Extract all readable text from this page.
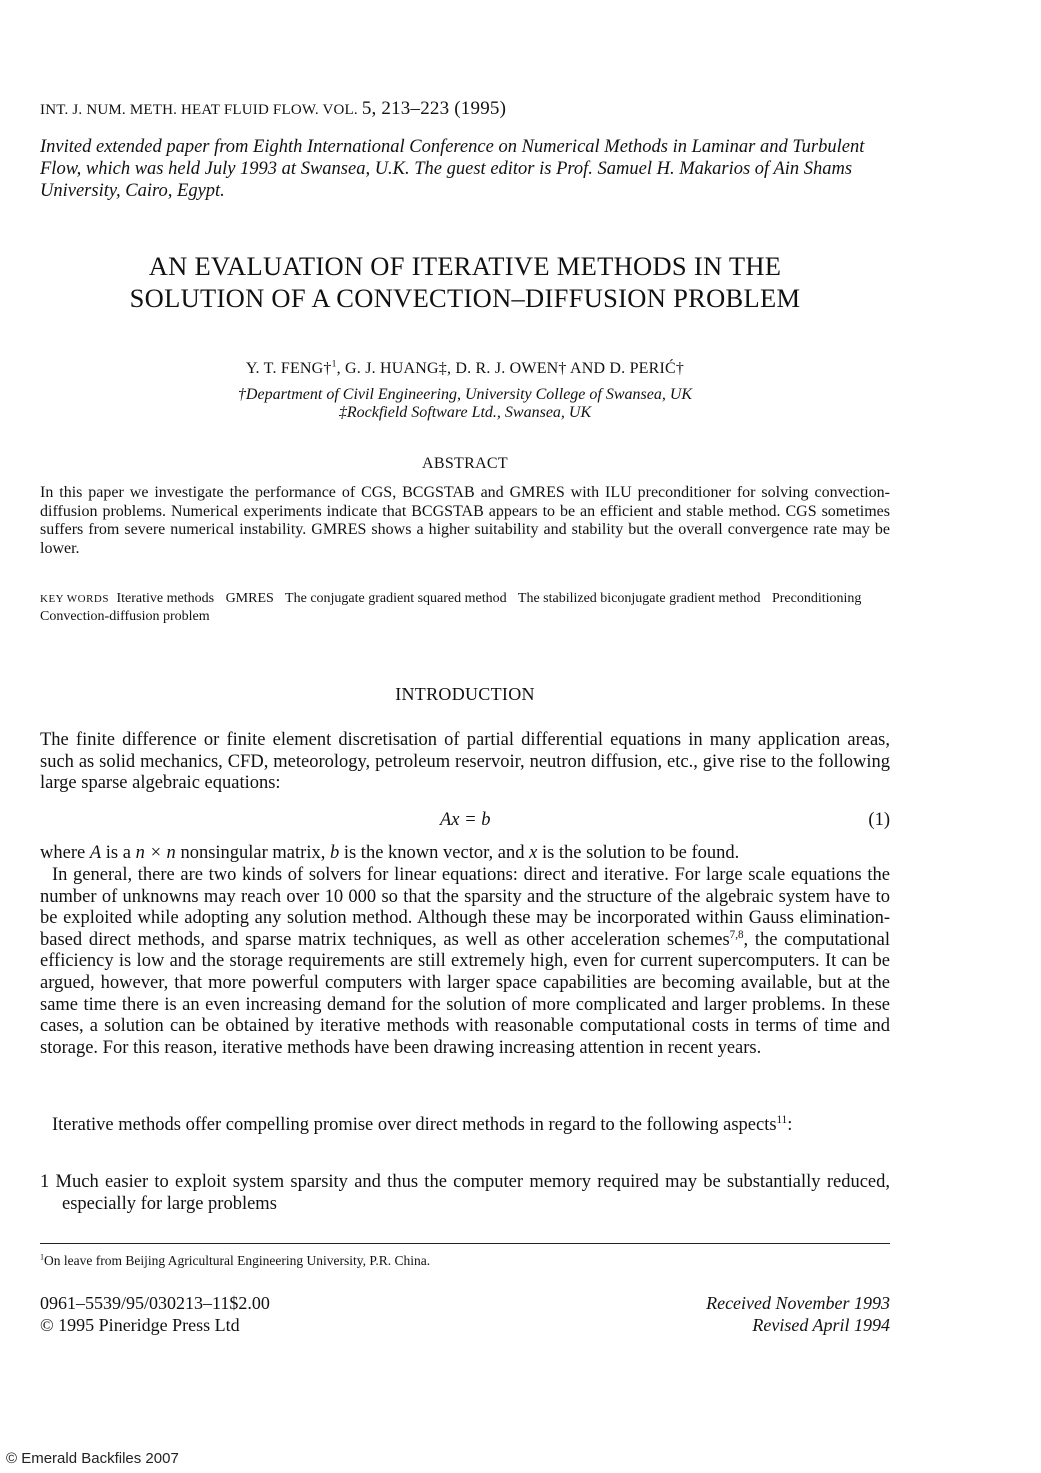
INT. J. NUM. METH. HEAT FLUID FLOW. VOL. 5, 213–223 (1995)
Invited extended paper from Eighth International Conference on Numerical Methods in Laminar and Turbulent Flow, which was held July 1993 at Swansea, U.K. The guest editor is Prof. Samuel H. Makarios of Ain Shams University, Cairo, Egypt.
AN EVALUATION OF ITERATIVE METHODS IN THE
SOLUTION OF A CONVECTION–DIFFUSION PROBLEM
Y. T. FENG†$^1$, G. J. HUANG‡, D. R. J. OWEN† AND D. PERIĆ†
†Department of Civil Engineering, University College of Swansea, UK
‡Rockfield Software Ltd., Swansea, UK
ABSTRACT
In this paper we investigate the performance of CGS, BCGSTAB and GMRES with ILU preconditioner for solving convection-diffusion problems. Numerical experiments indicate that BCGSTAB appears to be an efficient and stable method. CGS sometimes suffers from severe numerical instability. GMRES shows a higher suitability and stability but the overall convergence rate may be lower.
KEY WORDS Iterative methods GMRES The conjugate gradient squared method The stabilized biconjugate gradient method Preconditioning Convection-diffusion problem
INTRODUCTION
The finite difference or finite element discretisation of partial differential equations in many application areas, such as solid mechanics, CFD, meteorology, petroleum reservoir, neutron diffusion, etc., give rise to the following large sparse algebraic equations:
Ax = b	(1)
where A is a n × n nonsingular matrix, b is the known vector, and x is the solution to be found.
In general, there are two kinds of solvers for linear equations: direct and iterative. For large scale equations the number of unknowns may reach over 10 000 so that the sparsity and the structure of the algebraic system have to be exploited while adopting any solution method. Although these may be incorporated within Gauss elimination-based direct methods, and sparse matrix techniques, as well as other acceleration schemes$^{7,8}$, the computational efficiency is low and the storage requirements are still extremely high, even for current supercomputers. It can be argued, however, that more powerful computers with larger space capabilities are becoming available, but at the same time there is an even increasing demand for the solution of more complicated and larger problems. In these cases, a solution can be obtained by iterative methods with reasonable computational costs in terms of time and storage. For this reason, iterative methods have been drawing increasing attention in recent years.
Iterative methods offer compelling promise over direct methods in regard to the following aspects$^{11}$:
1 Much easier to exploit system sparsity and thus the computer memory required may be substantially reduced, especially for large problems
$^1$On leave from Beijing Agricultural Engineering University, P.R. China.
0961–5539/95/030213–11$2.00
© 1995 Pineridge Press Ltd
Received November 1993
Revised April 1994
© Emerald Backfiles 2007
